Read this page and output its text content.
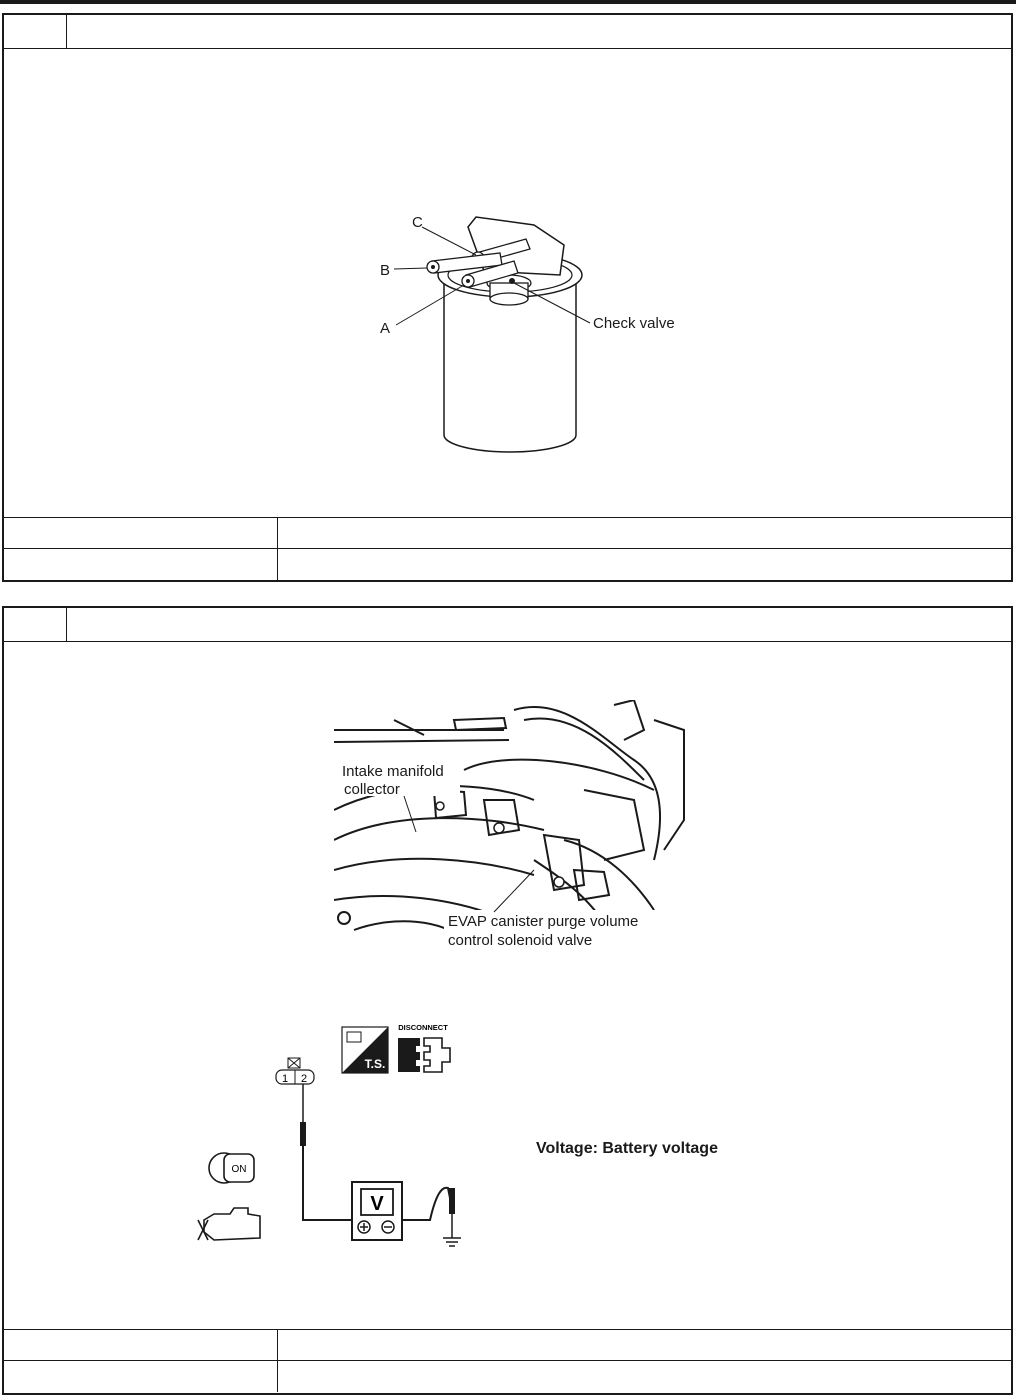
C
B
A	Check valve
Intake manifold
collector
EVAP canister purge volume
control solenoid valve
1 2
V
ON
T.S.
DISCONNECT
Voltage: Battery voltage
